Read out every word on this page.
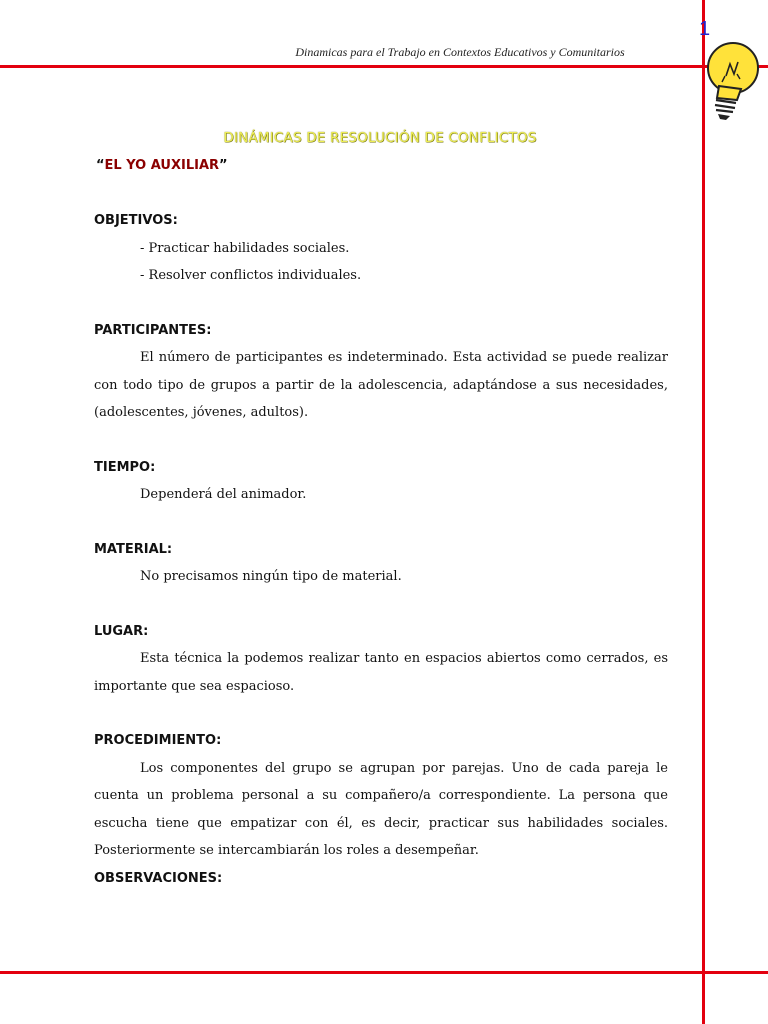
1
Dinamicas para el Trabajo en Contextos Educativos y Comunitarios
DINÁMICAS DE RESOLUCIÓN DE CONFLICTOS
“EL YO AUXILIAR”
OBJETIVOS:

- Practicar habilidades sociales.

- Resolver conflictos individuales.

PARTICIPANTES:

El número de participantes es indeterminado. Esta actividad se puede realizar con todo tipo de grupos a partir de la adolescencia, adaptándose a sus necesidades, (adolescentes, jóvenes, adultos).

TIEMPO:

Dependerá del animador.

MATERIAL:

No precisamos ningún tipo de material.

LUGAR:

Esta técnica la podemos realizar tanto en espacios abiertos como cerrados, es importante que sea espacioso.

PROCEDIMIENTO:

Los componentes del grupo se agrupan por parejas. Uno de cada pareja le cuenta un problema personal a su compañero/a correspondiente. La persona que escucha tiene que empatizar con él, es decir, practicar sus habilidades sociales. Posteriormente se intercambiarán los roles a desempeñar.

OBSERVACIONES:
